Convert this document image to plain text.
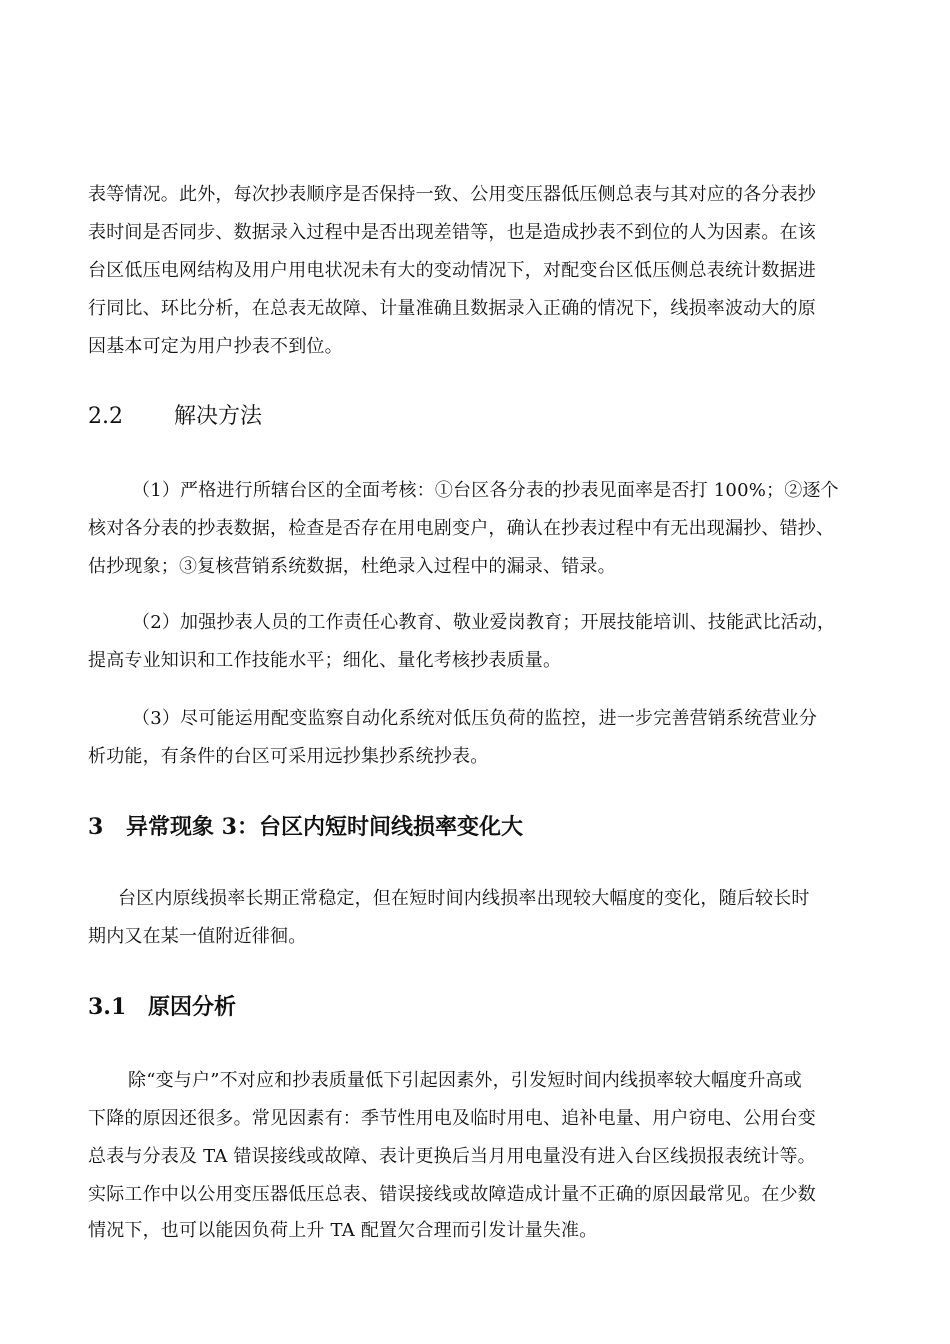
表等情况。此外，每次抄表顺序是否保持一致、公用变压器低压侧总表与其对应的各分表抄
表时间是否同步、数据录入过程中是否出现差错等，也是造成抄表不到位的人为因素。在该
台区低压电网结构及用户用电状况未有大的变动情况下，对配变台区低压侧总表统计数据进
行同比、环比分析，在总表无故障、计量准确且数据录入正确的情况下，线损率波动大的原
因基本可定为用户抄表不到位。
2.2 解决方法
（1）严格进行所辖台区的全面考核：①台区各分表的抄表见面率是否打 100%；②逐个
核对各分表的抄表数据，检查是否存在用电剧变户，确认在抄表过程中有无出现漏抄、错抄、
估抄现象；③复核营销系统数据，杜绝录入过程中的漏录、错录。
（2）加强抄表人员的工作责任心教育、敬业爱岗教育；开展技能培训、技能武比活动，
提高专业知识和工作技能水平；细化、量化考核抄表质量。
（3）尽可能运用配变监察自动化系统对低压负荷的监控，进一步完善营销系统营业分
析功能，有条件的台区可采用远抄集抄系统抄表。
3 异常现象 3：台区内短时间线损率变化大
台区内原线损率长期正常稳定，但在短时间内线损率出现较大幅度的变化，随后较长时
期内又在某一值附近徘徊。
3.1 原因分析
除“变与户”不对应和抄表质量低下引起因素外，引发短时间内线损率较大幅度升高或
下降的原因还很多。常见因素有：季节性用电及临时用电、追补电量、用户窃电、公用台变
总表与分表及 TA 错误接线或故障、表计更换后当月用电量没有进入台区线损报表统计等。
实际工作中以公用变压器低压总表、错误接线或故障造成计量不正确的原因最常见。在少数
情况下，也可以能因负荷上升 TA 配置欠合理而引发计量失准。
